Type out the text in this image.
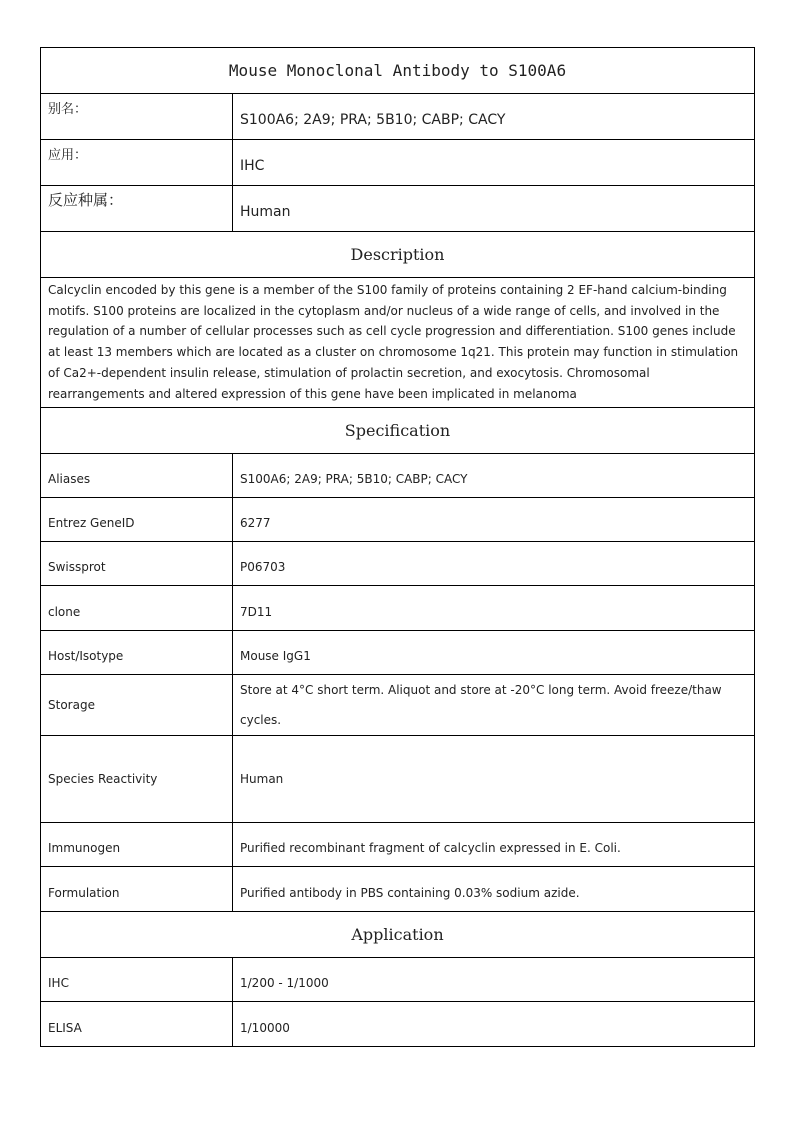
Mouse Monoclonal Antibody to S100A6	
别名：	S100A6; 2A9; PRA; 5B10; CABP; CACY
应用：	IHC
反应种属：	Human
Description	
Calcyclin encoded by this gene is a member of the S100 family of proteins containing 2 EF-hand calcium-binding motifs. S100 proteins are localized in the cytoplasm and/or nucleus of a wide range of cells, and involved in the regulation of a number of cellular processes such as cell cycle progression and differentiation. S100 genes include at least 13 members which are located as a cluster on chromosome 1q21. This protein may function in stimulation of Ca2+-dependent insulin release, stimulation of prolactin secretion, and exocytosis. Chromosomal rearrangements and altered expression of this gene have been implicated in melanoma	
Specification	
Aliases	S100A6; 2A9; PRA; 5B10; CABP; CACY
Entrez GeneID	6277
Swissprot	P06703
clone	7D11
Host/Isotype	Mouse IgG1
Storage	Store at 4°C short term. Aliquot and store at -20°C long term. Avoid freeze/thaw cycles.
Species Reactivity	Human
Immunogen	Purified recombinant fragment of calcyclin expressed in E. Coli.
Formulation	Purified antibody in PBS containing 0.03% sodium azide.
Application	
IHC	1/200 - 1/1000
ELISA	1/10000
